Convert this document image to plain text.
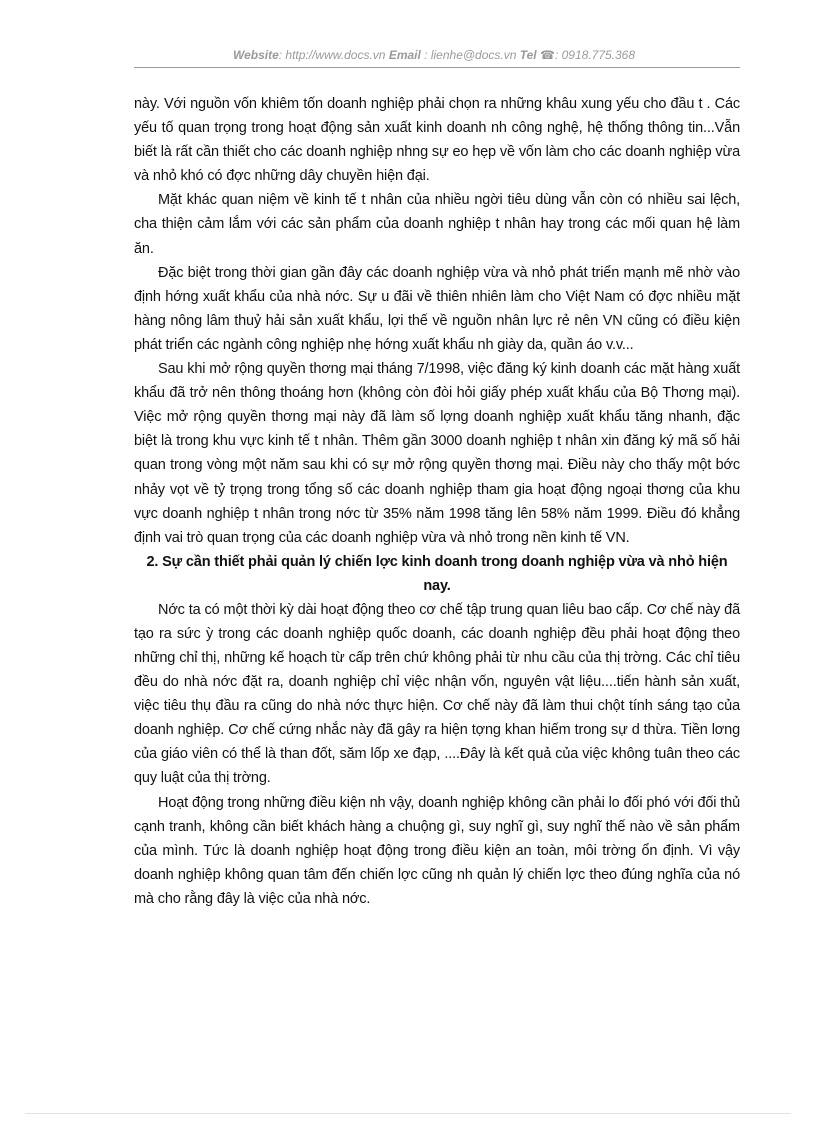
Website: http://www.docs.vn Email : lienhe@docs.vn Tel ☎: 0918.775.368

này. Với nguồn vốn khiêm tốn doanh nghiệp phải chọn ra những khâu xung yếu cho đầu t . Các yếu tố quan trọng trong hoạt động sản xuất kinh doanh nh công nghệ, hệ thống thông tin...Vẫn biết là rất cần thiết cho các doanh nghiệp nhng sự eo hẹp về vốn làm cho các doanh nghiệp vừa và nhỏ khó có đợc những dây chuyền hiện đại.

Mặt khác quan niệm về kinh tế t nhân của nhiều ngời tiêu dùng vẫn còn có nhiều sai lệch, cha thiện cảm lắm với các sản phẩm của doanh nghiệp t nhân hay trong các mối quan hệ làm ăn.

Đặc biệt trong thời gian gần đây các doanh nghiệp vừa và nhỏ phát triển mạnh mẽ nhờ vào định hớng xuất khẩu của nhà nớc. Sự u đãi về thiên nhiên làm cho Việt Nam có đợc nhiều mặt hàng nông lâm thuỷ hải sản xuất khẩu, lợi thế về nguồn nhân lực rẻ nên VN cũng có điều kiện phát triển các ngành công nghiệp nhẹ hớng xuất khẩu nh giày da, quần áo v.v...

Sau khi mở rộng quyền thơng mại tháng 7/1998, việc đăng ký kinh doanh các mặt hàng xuất khẩu đã trở nên thông thoáng hơn (không còn đòi hỏi giấy phép xuất khẩu của Bộ Thơng mại). Việc mở rộng quyền thơng mại này đã làm số lợng doanh nghiệp xuất khẩu tăng nhanh, đặc biệt là trong khu vực kinh tế t nhân. Thêm gần 3000 doanh nghiệp t nhân xin đăng ký mã số hải quan trong vòng một năm sau khi có sự mở rộng quyền thơng mại. Điều này cho thấy một bớc nhảy vọt về tỷ trọng trong tổng số các doanh nghiệp tham gia hoạt động ngoại thơng của khu vực doanh nghiệp t nhân trong nớc từ 35% năm 1998 tăng lên 58% năm 1999. Điều đó khẳng định vai trò quan trọng của các doanh nghiệp vừa và nhỏ trong nền kinh tế VN.

2. Sự cần thiết phải quản lý chiến lợc kinh doanh trong doanh nghiệp vừa và nhỏ hiện nay.

Nớc ta có một thời kỳ dài hoạt động theo cơ chế tập trung quan liêu bao cấp. Cơ chế này đã tạo ra sức ỳ trong các doanh nghiệp quốc doanh, các doanh nghiệp đều phải hoạt động theo những chỉ thị, những kế hoạch từ cấp trên chứ không phải từ nhu cầu của thị trờng. Các chỉ tiêu đều do nhà nớc đặt ra, doanh nghiệp chỉ việc nhận vốn, nguyên vật liệu....tiến hành sản xuất, việc tiêu thụ đầu ra cũng do nhà nớc thực hiện. Cơ chế này đã làm thui chột tính sáng tạo của doanh nghiệp. Cơ chế cứng nhắc này đã gây ra hiện tợng khan hiếm trong sự d thừa. Tiền lơng của giáo viên có thể là than đốt, săm lốp xe đạp, ....Đây là kết quả của việc không tuân theo các quy luật của thị trờng.

Hoạt động trong những điều kiện nh vậy, doanh nghiệp không cần phải lo đối phó với đối thủ cạnh tranh, không cần biết khách hàng a chuộng gì, suy nghĩ gì, suy nghĩ thế nào về sản phẩm của mình. Tức là doanh nghiệp hoạt động trong điều kiện an toàn, môi trờng ổn định. Vì vậy doanh nghiệp không quan tâm đến chiến lợc cũng nh quản lý chiến lợc theo đúng nghĩa của nó mà cho rằng đây là việc của nhà nớc.
